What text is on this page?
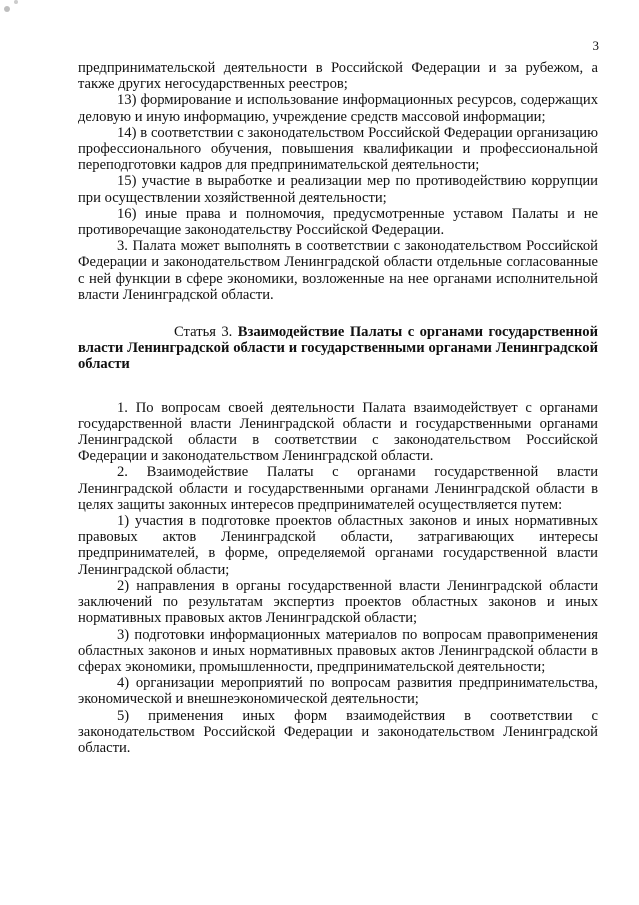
3

предпринимательской деятельности в Российской Федерации и за рубежом, а также других негосударственных реестров;

13) формирование и использование информационных ресурсов, содержащих деловую и иную информацию, учреждение средств массовой информации;

14) в соответствии с законодательством Российской Федерации организацию профессионального обучения, повышения квалификации и профессиональной переподготовки кадров для предпринимательской деятельности;

15) участие в выработке и реализации мер по противодействию коррупции при осуществлении хозяйственной деятельности;

16) иные права и полномочия, предусмотренные уставом Палаты и не противоречащие законодательству Российской Федерации.

3. Палата может выполнять в соответствии с законодательством Российской Федерации и законодательством Ленинградской области отдельные согласованные с ней функции в сфере экономики, возложенные на нее органами исполнительной власти Ленинградской области.

Статья 3. Взаимодействие Палаты с органами государственной власти Ленинградской области и государственными органами Ленинградской области

1. По вопросам своей деятельности Палата взаимодействует с органами государственной власти Ленинградской области и государственными органами Ленинградской области в соответствии с законодательством Российской Федерации и законодательством Ленинградской области.

2. Взаимодействие Палаты с органами государственной власти Ленинградской области и государственными органами Ленинградской области в целях защиты законных интересов предпринимателей осуществляется путем:

1) участия в подготовке проектов областных законов и иных нормативных правовых актов Ленинградской области, затрагивающих интересы предпринимателей, в форме, определяемой органами государственной власти Ленинградской области;

2) направления в органы государственной власти Ленинградской области заключений по результатам экспертиз проектов областных законов и иных нормативных правовых актов Ленинградской области;

3) подготовки информационных материалов по вопросам правоприменения областных законов и иных нормативных правовых актов Ленинградской области в сферах экономики, промышленности, предпринимательской деятельности;

4) организации мероприятий по вопросам развития предпринимательства, экономической и внешнеэкономической деятельности;

5) применения иных форм взаимодействия в соответствии с законодательством Российской Федерации и законодательством Ленинградской области.
